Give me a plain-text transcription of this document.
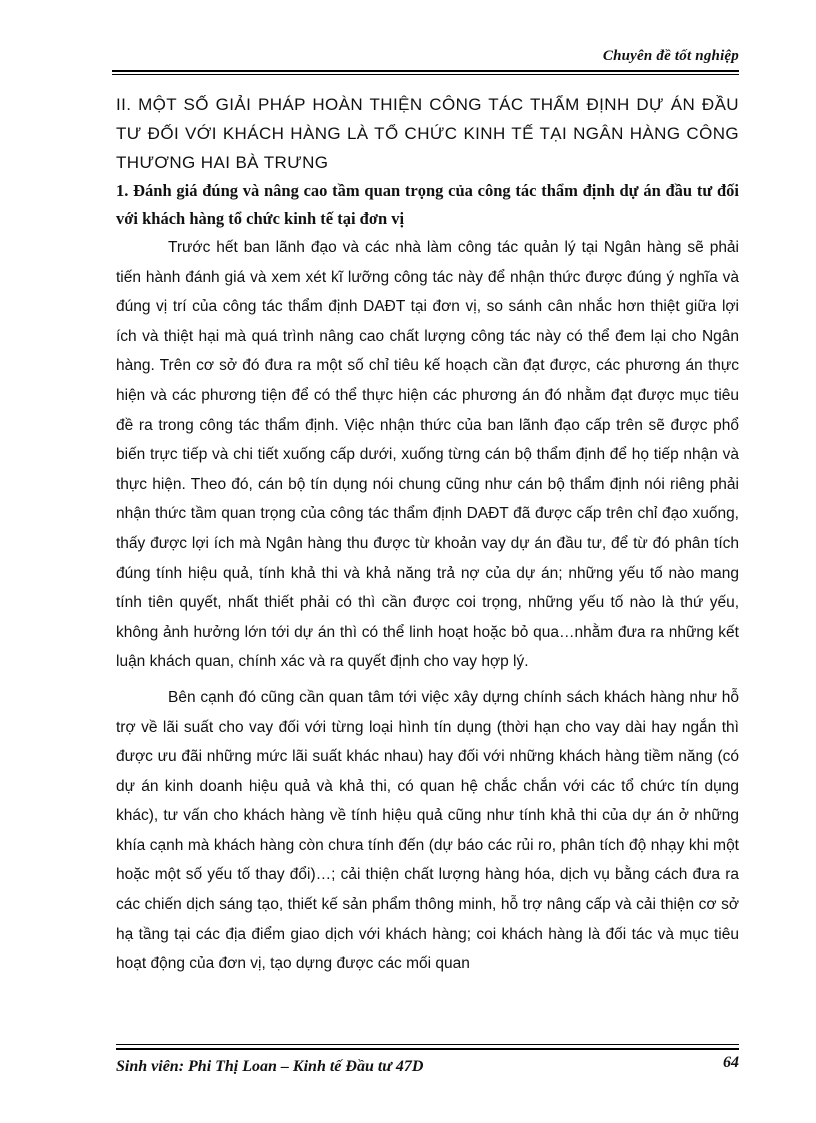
Chuyên đề tốt nghiệp

II. MỘT SỐ GIẢI PHÁP HOÀN THIỆN CÔNG TÁC THẨM ĐỊNH DỰ ÁN ĐẦU TƯ ĐỐI VỚI KHÁCH HÀNG LÀ TỔ CHỨC KINH TẾ TẠI NGÂN HÀNG CÔNG THƯƠNG HAI BÀ TRƯNG

1. Đánh giá đúng và nâng cao tầm quan trọng của công tác thẩm định dự án đầu tư đối với khách hàng tổ chức kinh tế tại đơn vị

Trước hết ban lãnh đạo và các nhà làm công tác quản lý tại Ngân hàng sẽ phải tiến hành đánh giá và xem xét kĩ lưỡng công tác này để nhận thức được đúng ý nghĩa và đúng vị trí của công tác thẩm định DAĐT tại đơn vị, so sánh cân nhắc hơn thiệt giữa lợi ích và thiệt hại mà quá trình nâng cao chất lượng công tác này có thể đem lại cho Ngân hàng. Trên cơ sở đó đưa ra một số chỉ tiêu kế hoạch cần đạt được, các phương án thực hiện và các phương tiện để có thể thực hiện các phương án đó nhằm đạt được mục tiêu đề ra trong công tác thẩm định. Việc nhận thức của ban lãnh đạo cấp trên sẽ được phổ biến trực tiếp và chi tiết xuống cấp dưới, xuống từng cán bộ thẩm định để họ tiếp nhận và thực hiện. Theo đó, cán bộ tín dụng nói chung cũng như cán bộ thẩm định nói riêng phải nhận thức tầm quan trọng của công tác thẩm định DAĐT đã được cấp trên chỉ đạo xuống, thấy được lợi ích mà Ngân hàng thu được từ khoản vay dự án đầu tư, để từ đó phân tích đúng tính hiệu quả, tính khả thi và khả năng trả nợ của dự án; những yếu tố nào mang tính tiên quyết, nhất thiết phải có thì cần được coi trọng, những yếu tố nào là thứ yếu, không ảnh hưởng lớn tới dự án thì có thể linh hoạt hoặc bỏ qua…nhằm đưa ra những kết luận khách quan, chính xác và ra quyết định cho vay hợp lý.

Bên cạnh đó cũng cần quan tâm tới việc xây dựng chính sách khách hàng như hỗ trợ về lãi suất cho vay đối với từng loại hình tín dụng (thời hạn cho vay dài hay ngắn thì được ưu đãi những mức lãi suất khác nhau) hay đối với những khách hàng tiềm năng (có dự án kinh doanh hiệu quả và khả thi, có quan hệ chắc chắn với các tổ chức tín dụng khác), tư vấn cho khách hàng về tính hiệu quả cũng như tính khả thi của dự án ở những khía cạnh mà khách hàng còn chưa tính đến (dự báo các rủi ro, phân tích độ nhạy khi một hoặc một số yếu tố thay đổi)…; cải thiện chất lượng hàng hóa, dịch vụ bằng cách đưa ra các chiến dịch sáng tạo, thiết kế sản phẩm thông minh, hỗ trợ nâng cấp và cải thiện cơ sở hạ tầng tại các địa điểm giao dịch với khách hàng; coi khách hàng là đối tác và mục tiêu hoạt động của đơn vị, tạo dựng được các mối quan

Sinh viên: Phi Thị Loan – Kinh tế Đầu tư 47D	64
